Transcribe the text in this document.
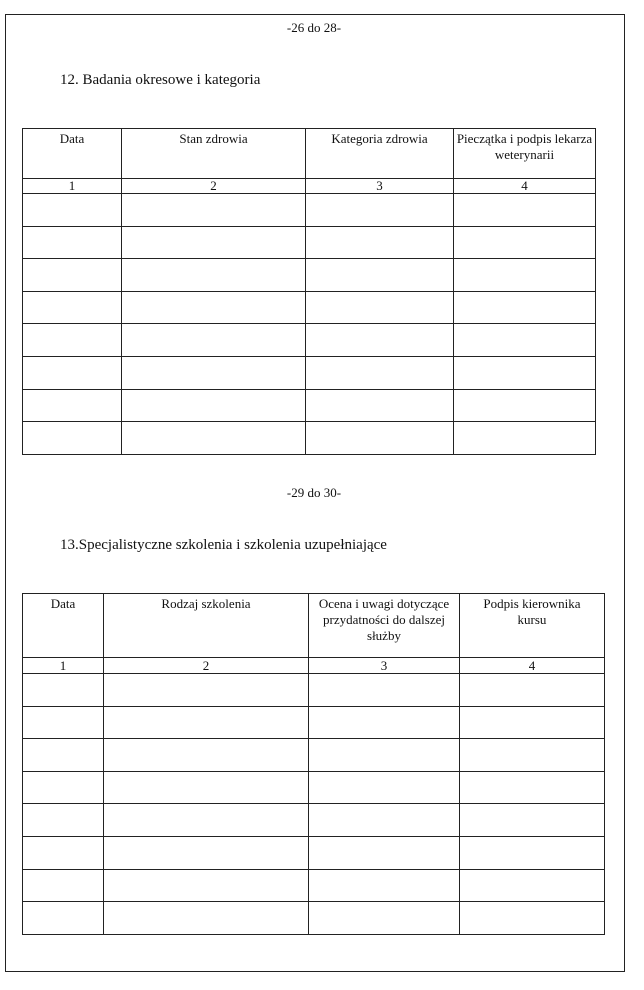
-26 do 28-
12. Badania okresowe i kategoria
Data	Stan zdrowia	Kategoria zdrowia	Pieczątka i podpis lekarza weterynarii
1	2	3	4

-29 do 30-
13.Specjalistyczne szkolenia i szkolenia uzupełniające
Data	Rodzaj szkolenia	Ocena i uwagi dotyczące przydatności do dalszej służby	Podpis kierownika kursu
1	2	3	4
